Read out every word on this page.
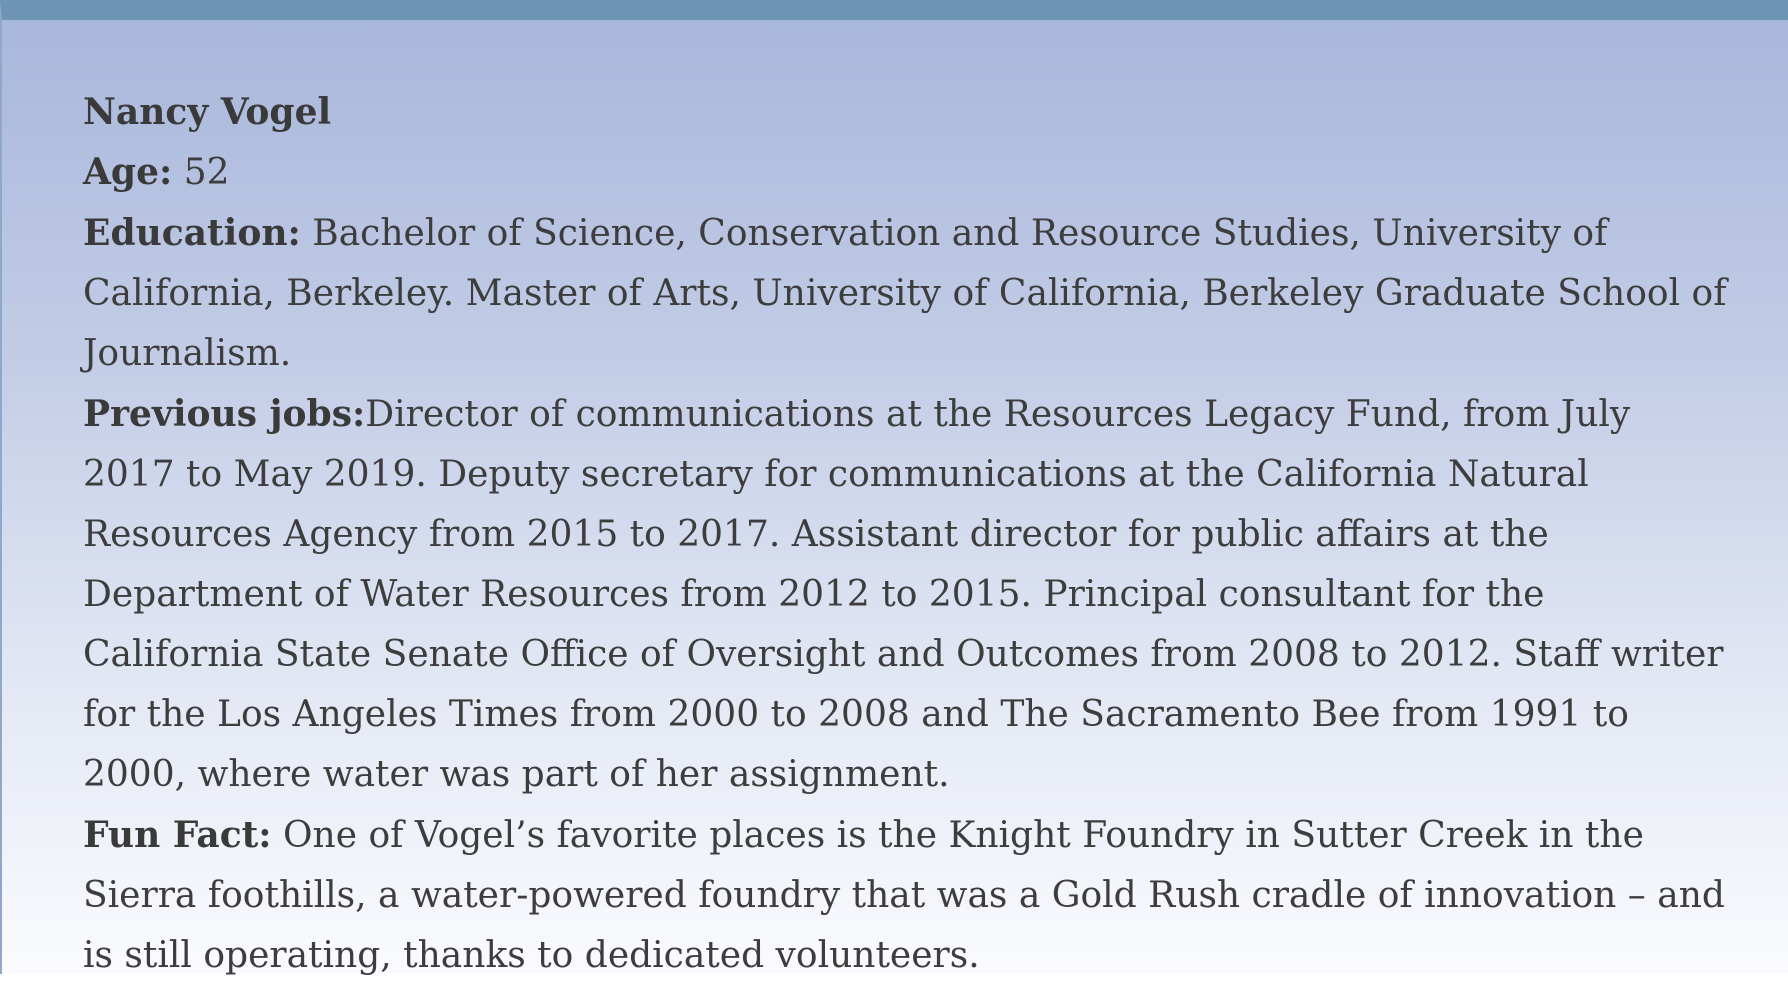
Nancy Vogel

Age: 52

Education: Bachelor of Science, Conservation and Resource Studies, University of California, Berkeley. Master of Arts, University of California, Berkeley Graduate School of Journalism.

Previous jobs:Director of communications at the Resources Legacy Fund, from July 2017 to May 2019. Deputy secretary for communications at the California Natural Resources Agency from 2015 to 2017. Assistant director for public affairs at the Department of Water Resources from 2012 to 2015. Principal consultant for the California State Senate Office of Oversight and Outcomes from 2008 to 2012. Staff writer for the Los Angeles Times from 2000 to 2008 and The Sacramento Bee from 1991 to 2000, where water was part of her assignment.

Fun Fact: One of Vogel’s favorite places is the Knight Foundry in Sutter Creek in the Sierra foothills, a water-powered foundry that was a Gold Rush cradle of innovation – and is still operating, thanks to dedicated volunteers.
